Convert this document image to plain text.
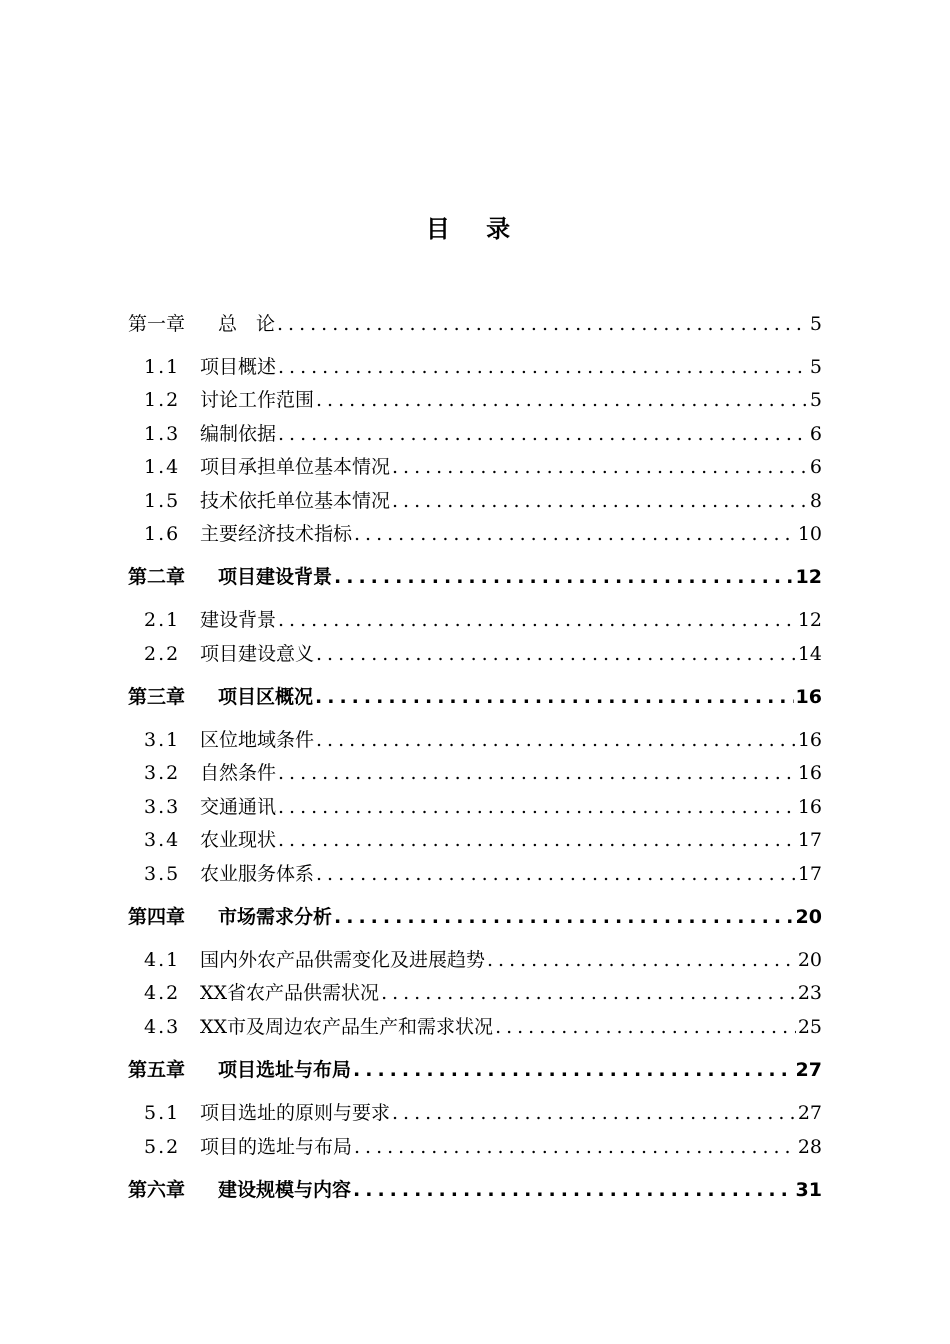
目 录
第一章	总　论 .....	5
1.1	项目概述 .....	5
1.2	讨论工作范围 .....	5
1.3	编制依据 .....	6
1.4	项目承担单位基本情况 .....	6
1.5	技术依托单位基本情况 .....	8
1.6	主要经济技术指标 .....	10
第二章	项目建设背景 .....	12
2.1	建设背景 .....	12
2.2	项目建设意义 .....	14
第三章	项目区概况 .....	16
3.1	区位地域条件 .....	16
3.2	自然条件 .....	16
3.3	交通通讯 .....	16
3.4	农业现状 .....	17
3.5	农业服务体系 .....	17
第四章	市场需求分析 .....	20
4.1	国内外农产品供需变化及进展趋势 .....	20
4.2	XX省农产品供需状况 .....	23
4.3	XX市及周边农产品生产和需求状况 .....	25
第五章	项目选址与布局 .....	27
5.1	项目选址的原则与要求 .....	27
5.2	项目的选址与布局 .....	28
第六章	建设规模与内容 .....	31
